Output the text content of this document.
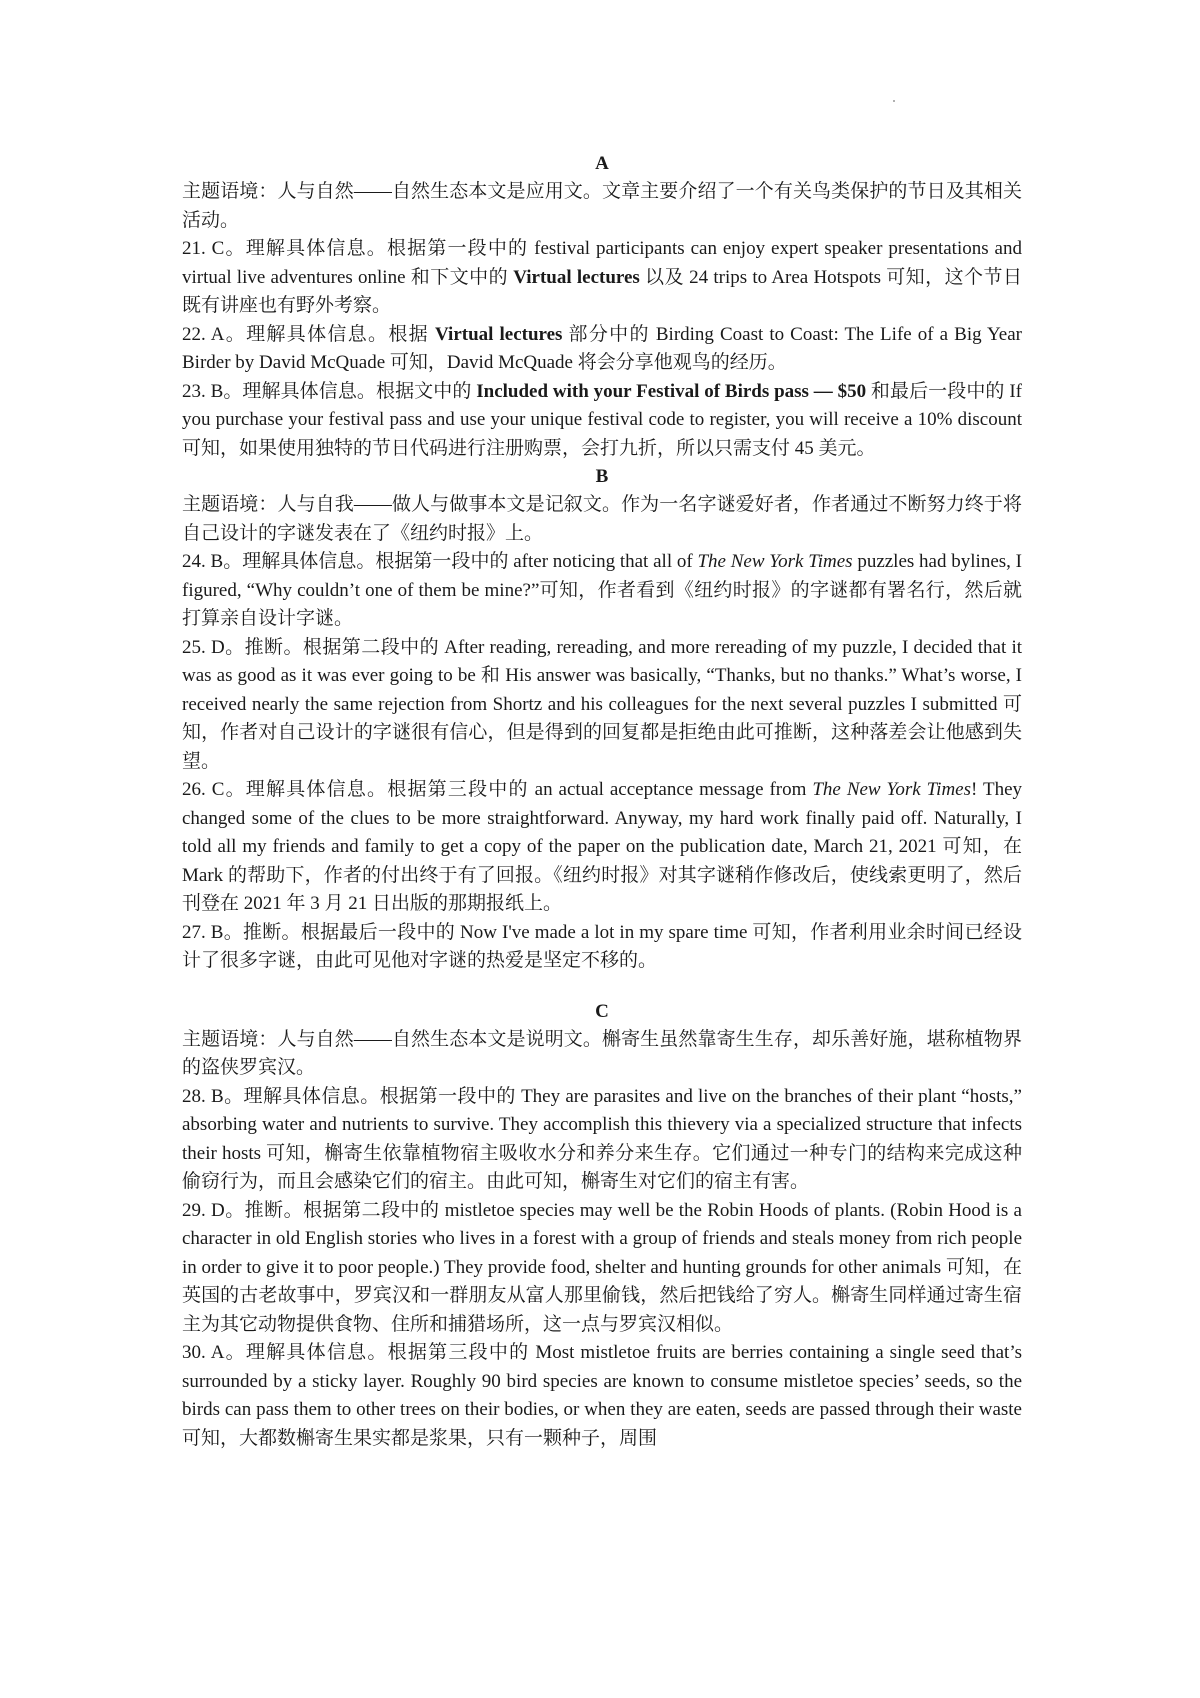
A

主题语境：人与自然——自然生态本文是应用文。文章主要介绍了一个有关鸟类保护的节日及其相关活动。

21. C。理解具体信息。根据第一段中的 festival participants can enjoy expert speaker presentations and virtual live adventures online 和下文中的 Virtual lectures 以及 24 trips to Area Hotspots 可知，这个节日既有讲座也有野外考察。

22. A。理解具体信息。根据 Virtual lectures 部分中的 Birding Coast to Coast: The Life of a Big Year Birder by David McQuade 可知，David McQuade 将会分享他观鸟的经历。

23. B。理解具体信息。根据文中的 Included with your Festival of Birds pass — $50 和最后一段中的 If you purchase your festival pass and use your unique festival code to register, you will receive a 10% discount 可知，如果使用独特的节日代码进行注册购票，会打九折，所以只需支付 45 美元。

B

主题语境：人与自我——做人与做事本文是记叙文。作为一名字谜爱好者，作者通过不断努力终于将自己设计的字谜发表在了《纽约时报》上。

24. B。理解具体信息。根据第一段中的 after noticing that all of The New York Times puzzles had bylines, I figured, “Why couldn’t one of them be mine?”可知，作者看到《纽约时报》的字谜都有署名行，然后就打算亲自设计字谜。

25. D。推断。根据第二段中的 After reading, rereading, and more rereading of my puzzle, I decided that it was as good as it was ever going to be 和 His answer was basically, “Thanks, but no thanks.” What’s worse, I received nearly the same rejection from Shortz and his colleagues for the next several puzzles I submitted 可知，作者对自己设计的字谜很有信心，但是得到的回复都是拒绝由此可推断，这种落差会让他感到失望。

26. C。理解具体信息。根据第三段中的 an actual acceptance message from The New York Times! They changed some of the clues to be more straightforward. Anyway, my hard work finally paid off. Naturally, I told all my friends and family to get a copy of the paper on the publication date, March 21, 2021 可知，在 Mark 的帮助下，作者的付出终于有了回报。《纽约时报》对其字谜稍作修改后，使线索更明了，然后刊登在 2021 年 3 月 21 日出版的那期报纸上。

27. B。推断。根据最后一段中的 Now I've made a lot in my spare time 可知，作者利用业余时间已经设计了很多字谜，由此可见他对字谜的热爱是坚定不移的。

C

主题语境：人与自然——自然生态本文是说明文。槲寄生虽然靠寄生生存，却乐善好施，堪称植物界的盗侠罗宾汉。

28. B。理解具体信息。根据第一段中的 They are parasites and live on the branches of their plant “hosts,” absorbing water and nutrients to survive. They accomplish this thievery via a specialized structure that infects their hosts 可知，槲寄生依靠植物宿主吸收水分和养分来生存。它们通过一种专门的结构来完成这种偷窃行为，而且会感染它们的宿主。由此可知，槲寄生对它们的宿主有害。

29. D。推断。根据第二段中的 mistletoe species may well be the Robin Hoods of plants. (Robin Hood is a character in old English stories who lives in a forest with a group of friends and steals money from rich people in order to give it to poor people.) They provide food, shelter and hunting grounds for other animals 可知，在英国的古老故事中，罗宾汉和一群朋友从富人那里偷钱，然后把钱给了穷人。槲寄生同样通过寄生宿主为其它动物提供食物、住所和捕猎场所，这一点与罗宾汉相似。

30. A。理解具体信息。根据第三段中的 Most mistletoe fruits are berries containing a single seed that’s surrounded by a sticky layer. Roughly 90 bird species are known to consume mistletoe species’ seeds, so the birds can pass them to other trees on their bodies, or when they are eaten, seeds are passed through their waste 可知，大都数槲寄生果实都是浆果，只有一颗种子，周围
